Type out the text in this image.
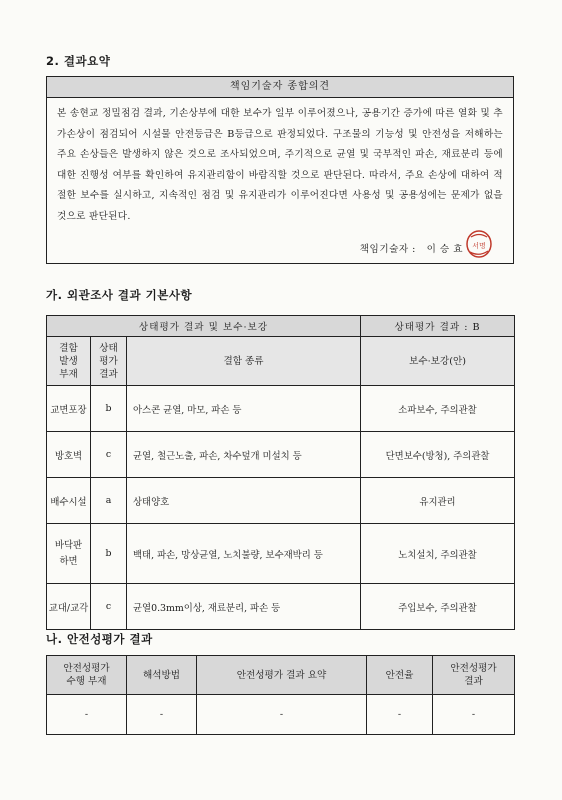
2. 결과요약
책임기술자 종합의견
본 송현교 정밀점검 결과, 기손상부에 대한 보수가 일부 이루어졌으나, 공용기간 증가에 따른 열화 및 추가손상이 점검되어 시설물 안전등급은 B등급으로 판정되었다. 구조물의 기능성 및 안전성을 저해하는 주요 손상들은 발생하지 않은 것으로 조사되었으며, 주기적으로 균열 및 국부적인 파손, 재료분리 등에 대한 진행성 여부를 확인하여 유지관리함이 바람직할 것으로 판단된다. 따라서, 주요 손상에 대하여 적절한 보수를 실시하고, 지속적인 점검 및 유지관리가 이루어진다면 사용성 및 공용성에는 문제가 없을 것으로 판단된다.
책임기술자 : 이 승 효 서명
가. 외관조사 결과 기본사항
상태평가 결과 및 보수·보강			상태평가 결과 : B
결함
발생
부재	상태
평가
결과	결함 종류	보수·보강(안)
교면포장	b	아스콘 균열, 마모, 파손 등	소파보수, 주의관찰
방호벽	c	균열, 철근노출, 파손, 차수덮개 미설치 등	단면보수(방청), 주의관찰
배수시설	a	상태양호	유지관리
바닥판
하면	b	백태, 파손, 망상균열, 노치불량, 보수재박리 등	노치설치, 주의관찰
교대/교각	c	균열0.3mm이상, 재료분리, 파손 등	주입보수, 주의관찰
나. 안전성평가 결과
안전성평가
수행 부재	해석방법	안전성평가 결과 요약	안전율	안전성평가
결과
-	-	-	-	-
